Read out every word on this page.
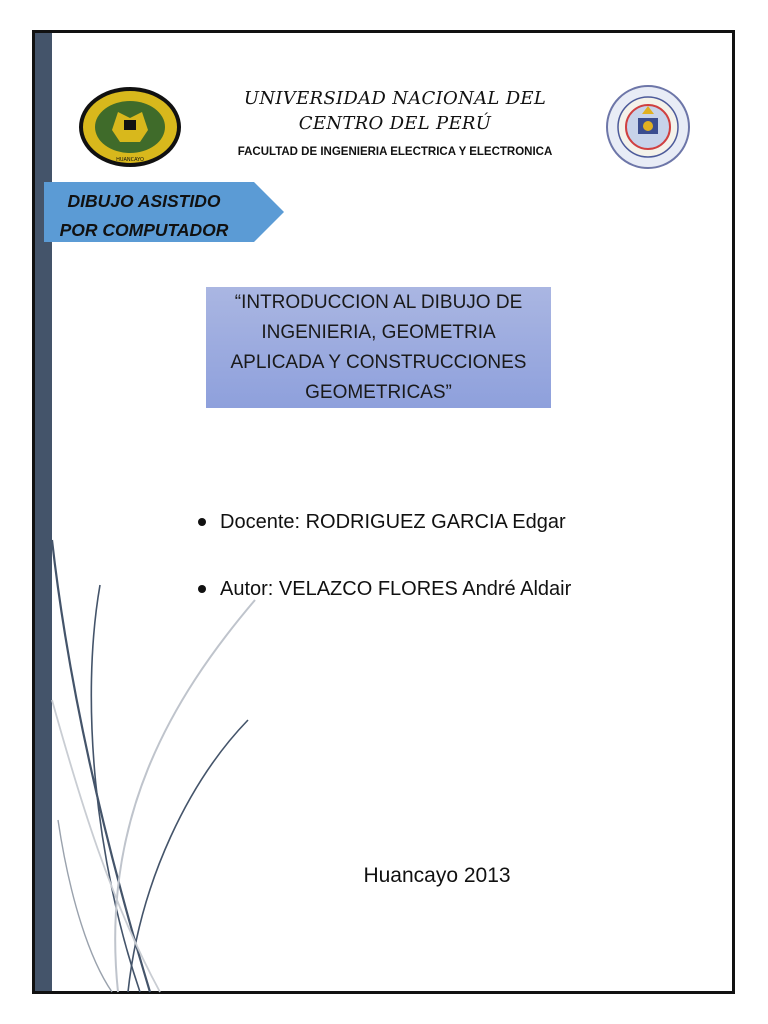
HUANCAYO
UNIVERSIDAD NACIONAL DEL CENTRO DEL PERÚ
FACULTAD DE INGENIERIA ELECTRICA Y ELECTRONICA
DIBUJO ASISTIDO
POR COMPUTADOR

“INTRODUCCION AL DIBUJO DE INGENIERIA, GEOMETRIA APLICADA Y CONSTRUCCIONES GEOMETRICAS”

Docente: RODRIGUEZ GARCIA Edgar
Autor: VELAZCO FLORES André Aldair
Huancayo 2013
